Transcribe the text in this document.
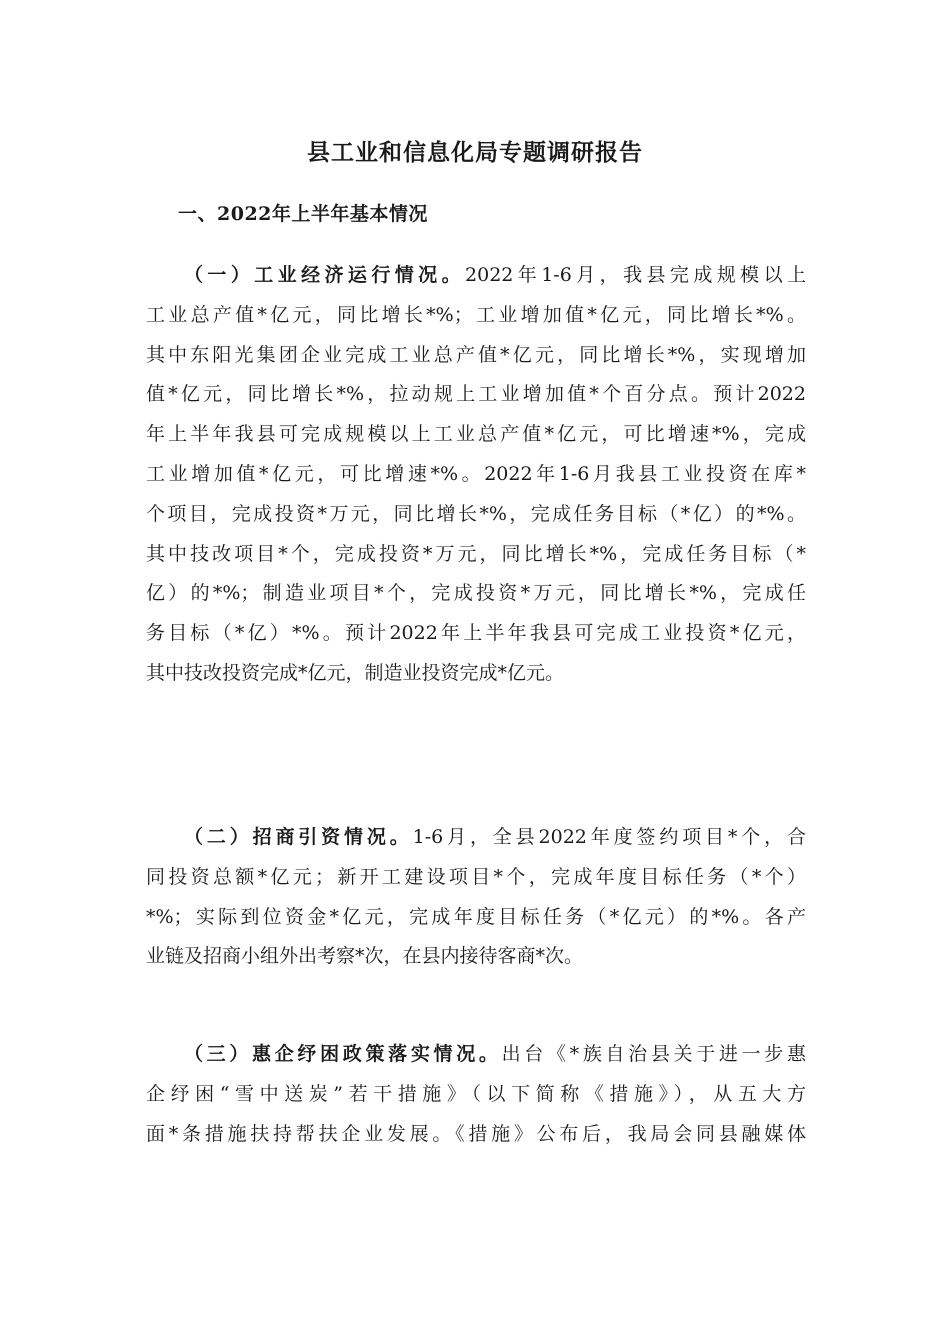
县工业和信息化局专题调研报告
一、2022年上半年基本情况
（一）工业经济运行情况。2022年1-6月，我县完成规模以上
工业总产值*亿元，同比增长*%；工业增加值*亿元，同比增长*%。
其中东阳光集团企业完成工业总产值*亿元，同比增长*%，实现增加
值*亿元，同比增长*%，拉动规上工业增加值*个百分点。预计2022
年上半年我县可完成规模以上工业总产值*亿元，可比增速*%，完成
工业增加值*亿元，可比增速*%。2022年1-6月我县工业投资在库*
个项目，完成投资*万元，同比增长*%，完成任务目标（*亿）的*%。
其中技改项目*个，完成投资*万元，同比增长*%，完成任务目标（*
亿）的*%；制造业项目*个，完成投资*万元，同比增长*%，完成任
务目标（*亿）*%。预计2022年上半年我县可完成工业投资*亿元，
其中技改投资完成*亿元，制造业投资完成*亿元。
（二）招商引资情况。1-6月，全县2022年度签约项目*个，合
同投资总额*亿元；新开工建设项目*个，完成年度目标任务（*个）
*%；实际到位资金*亿元，完成年度目标任务（*亿元）的*%。各产
业链及招商小组外出考察*次，在县内接待客商*次。
（三）惠企纾困政策落实情况。出台《*族自治县关于进一步惠
企纾困“雪中送炭”若干措施》（以下简称《措施》），从五大方
面*条措施扶持帮扶企业发展。《措施》公布后，我局会同县融媒体
